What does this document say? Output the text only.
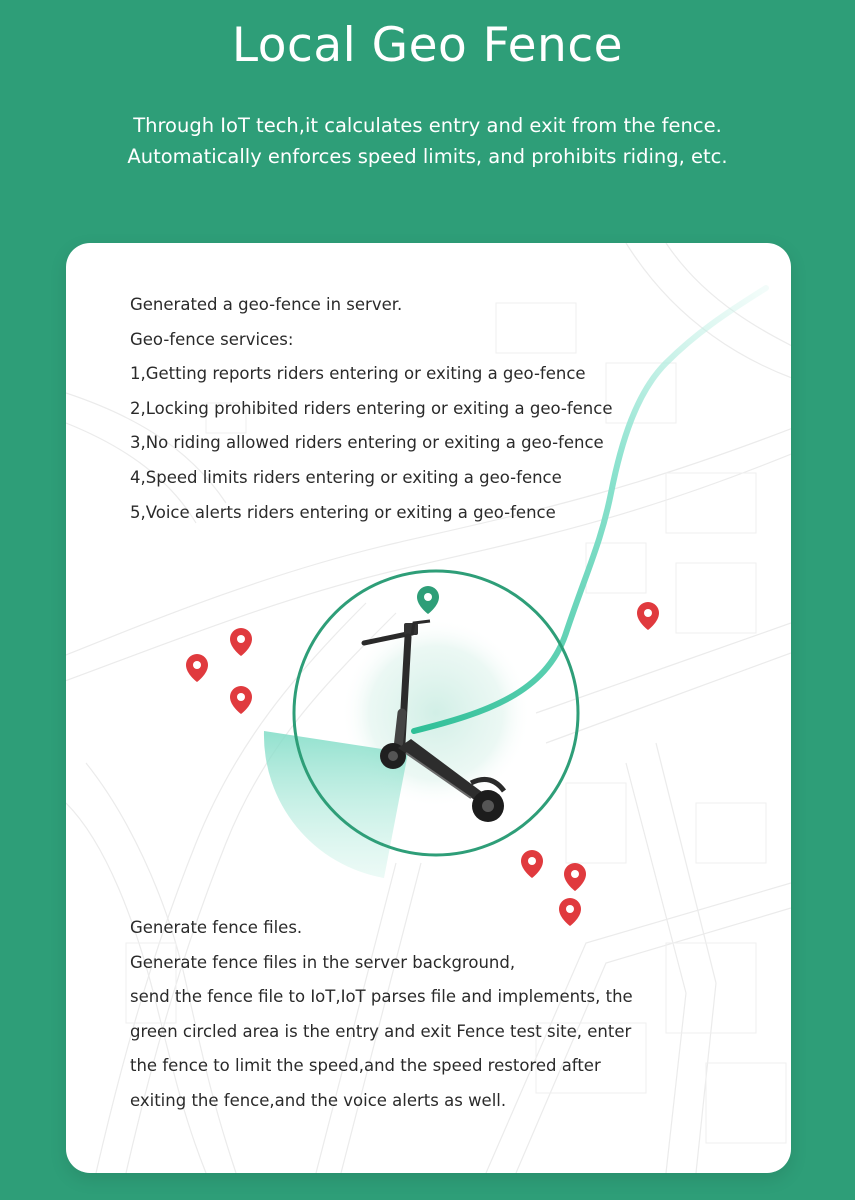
Local Geo Fence
Through IoT tech,it calculates entry and exit from the fence.
Automatically enforces speed limits, and prohibits riding, etc.
Generated a geo-fence in server.
Geo-fence services:
1,Getting reports riders entering or exiting a geo-fence
2,Locking prohibited riders entering or exiting a geo-fence
3,No riding allowed riders entering or exiting a geo-fence
4,Speed limits riders entering or exiting a geo-fence
5,Voice alerts riders entering or exiting a geo-fence
Generate fence files.
Generate fence files in the server background,
send the fence file to IoT,IoT parses file and implements, the
green circled area is the entry and exit Fence test site, enter
the fence to limit the speed,and the speed restored after
exiting the fence,and the voice alerts as well.
